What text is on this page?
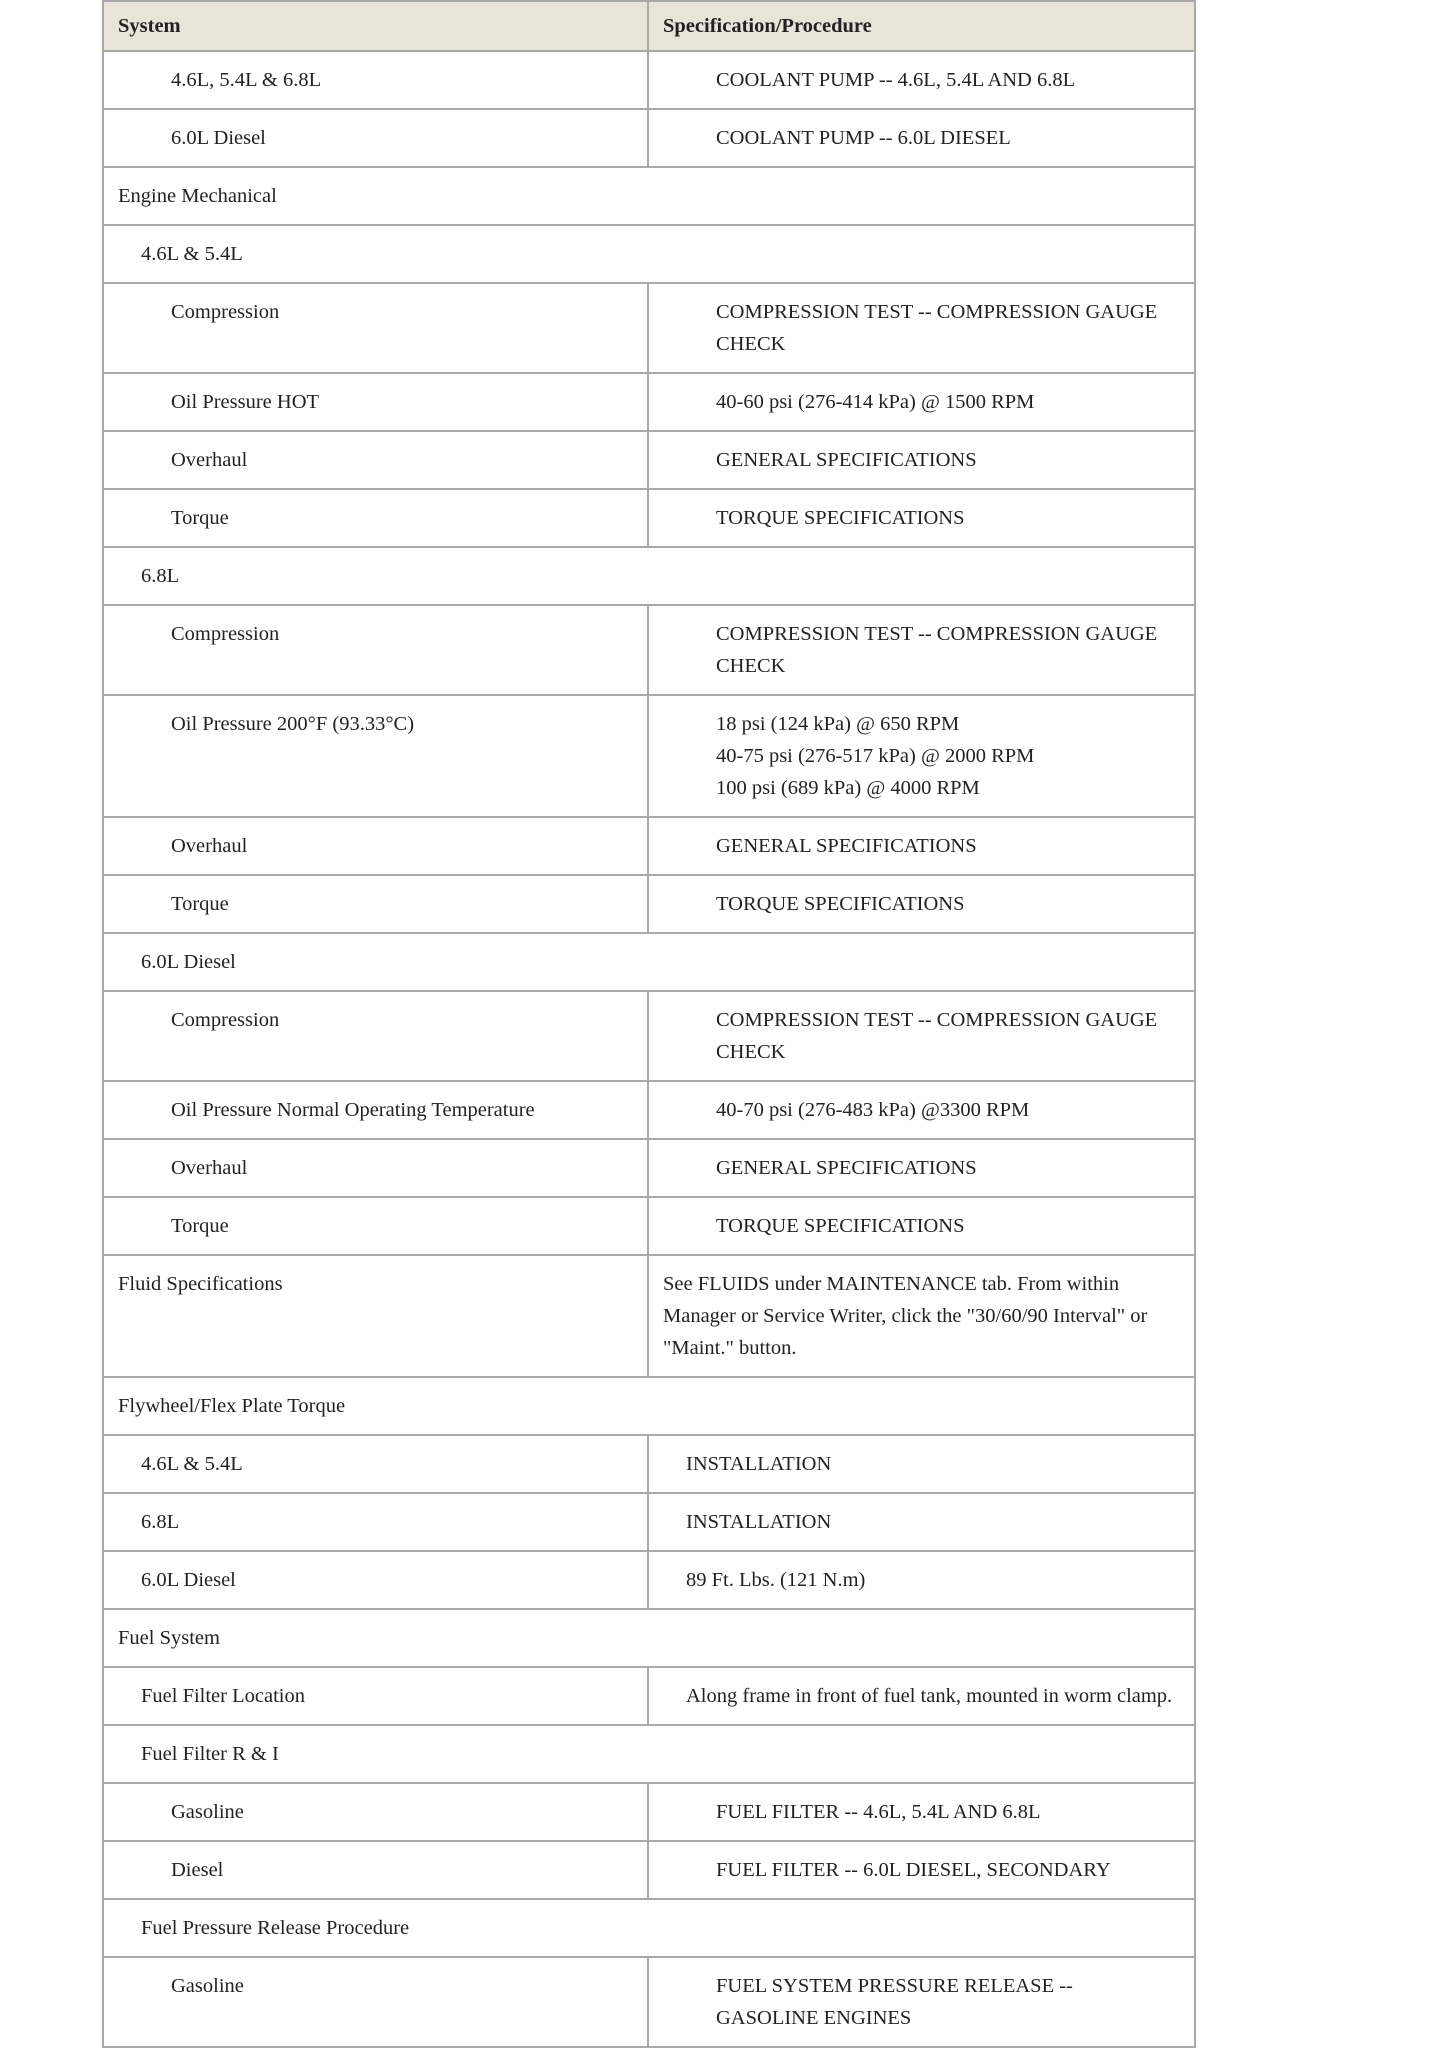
System	Specification/Procedure
4.6L, 5.4L & 6.8L	COOLANT PUMP -- 4.6L, 5.4L AND 6.8L

6.0L Diesel	COOLANT PUMP -- 6.0L DIESEL

Engine Mechanical	
4.6L & 5.4L	
Compression	COMPRESSION TEST -- COMPRESSION GAUGE CHECK

Oil Pressure HOT	40-60 psi (276-414 kPa) @ 1500 RPM

Overhaul	GENERAL SPECIFICATIONS

Torque	TORQUE SPECIFICATIONS

6.8L	
Compression	COMPRESSION TEST -- COMPRESSION GAUGE CHECK

Oil Pressure 200°F (93.33°C)	18 psi (124 kPa) @ 650 RPM
40-75 psi (276-517 kPa) @ 2000 RPM
100 psi (689 kPa) @ 4000 RPM

Overhaul	GENERAL SPECIFICATIONS

Torque	TORQUE SPECIFICATIONS

6.0L Diesel	
Compression	COMPRESSION TEST -- COMPRESSION GAUGE CHECK

Oil Pressure Normal Operating Temperature	40-70 psi (276-483 kPa) @3300 RPM

Overhaul	GENERAL SPECIFICATIONS

Torque	TORQUE SPECIFICATIONS

Fluid Specifications	See FLUIDS under MAINTENANCE tab. From within Manager or Service Writer, click the "30/60/90 Interval" or "Maint." button.

Flywheel/Flex Plate Torque	
4.6L & 5.4L	INSTALLATION

6.8L	INSTALLATION

6.0L Diesel	89 Ft. Lbs. (121 N.m)

Fuel System	
Fuel Filter Location	Along frame in front of fuel tank, mounted in worm clamp.

Fuel Filter R & I	
Gasoline	FUEL FILTER -- 4.6L, 5.4L AND 6.8L

Diesel	FUEL FILTER -- 6.0L DIESEL, SECONDARY

Fuel Pressure Release Procedure	
Gasoline	FUEL SYSTEM PRESSURE RELEASE -- GASOLINE ENGINES
